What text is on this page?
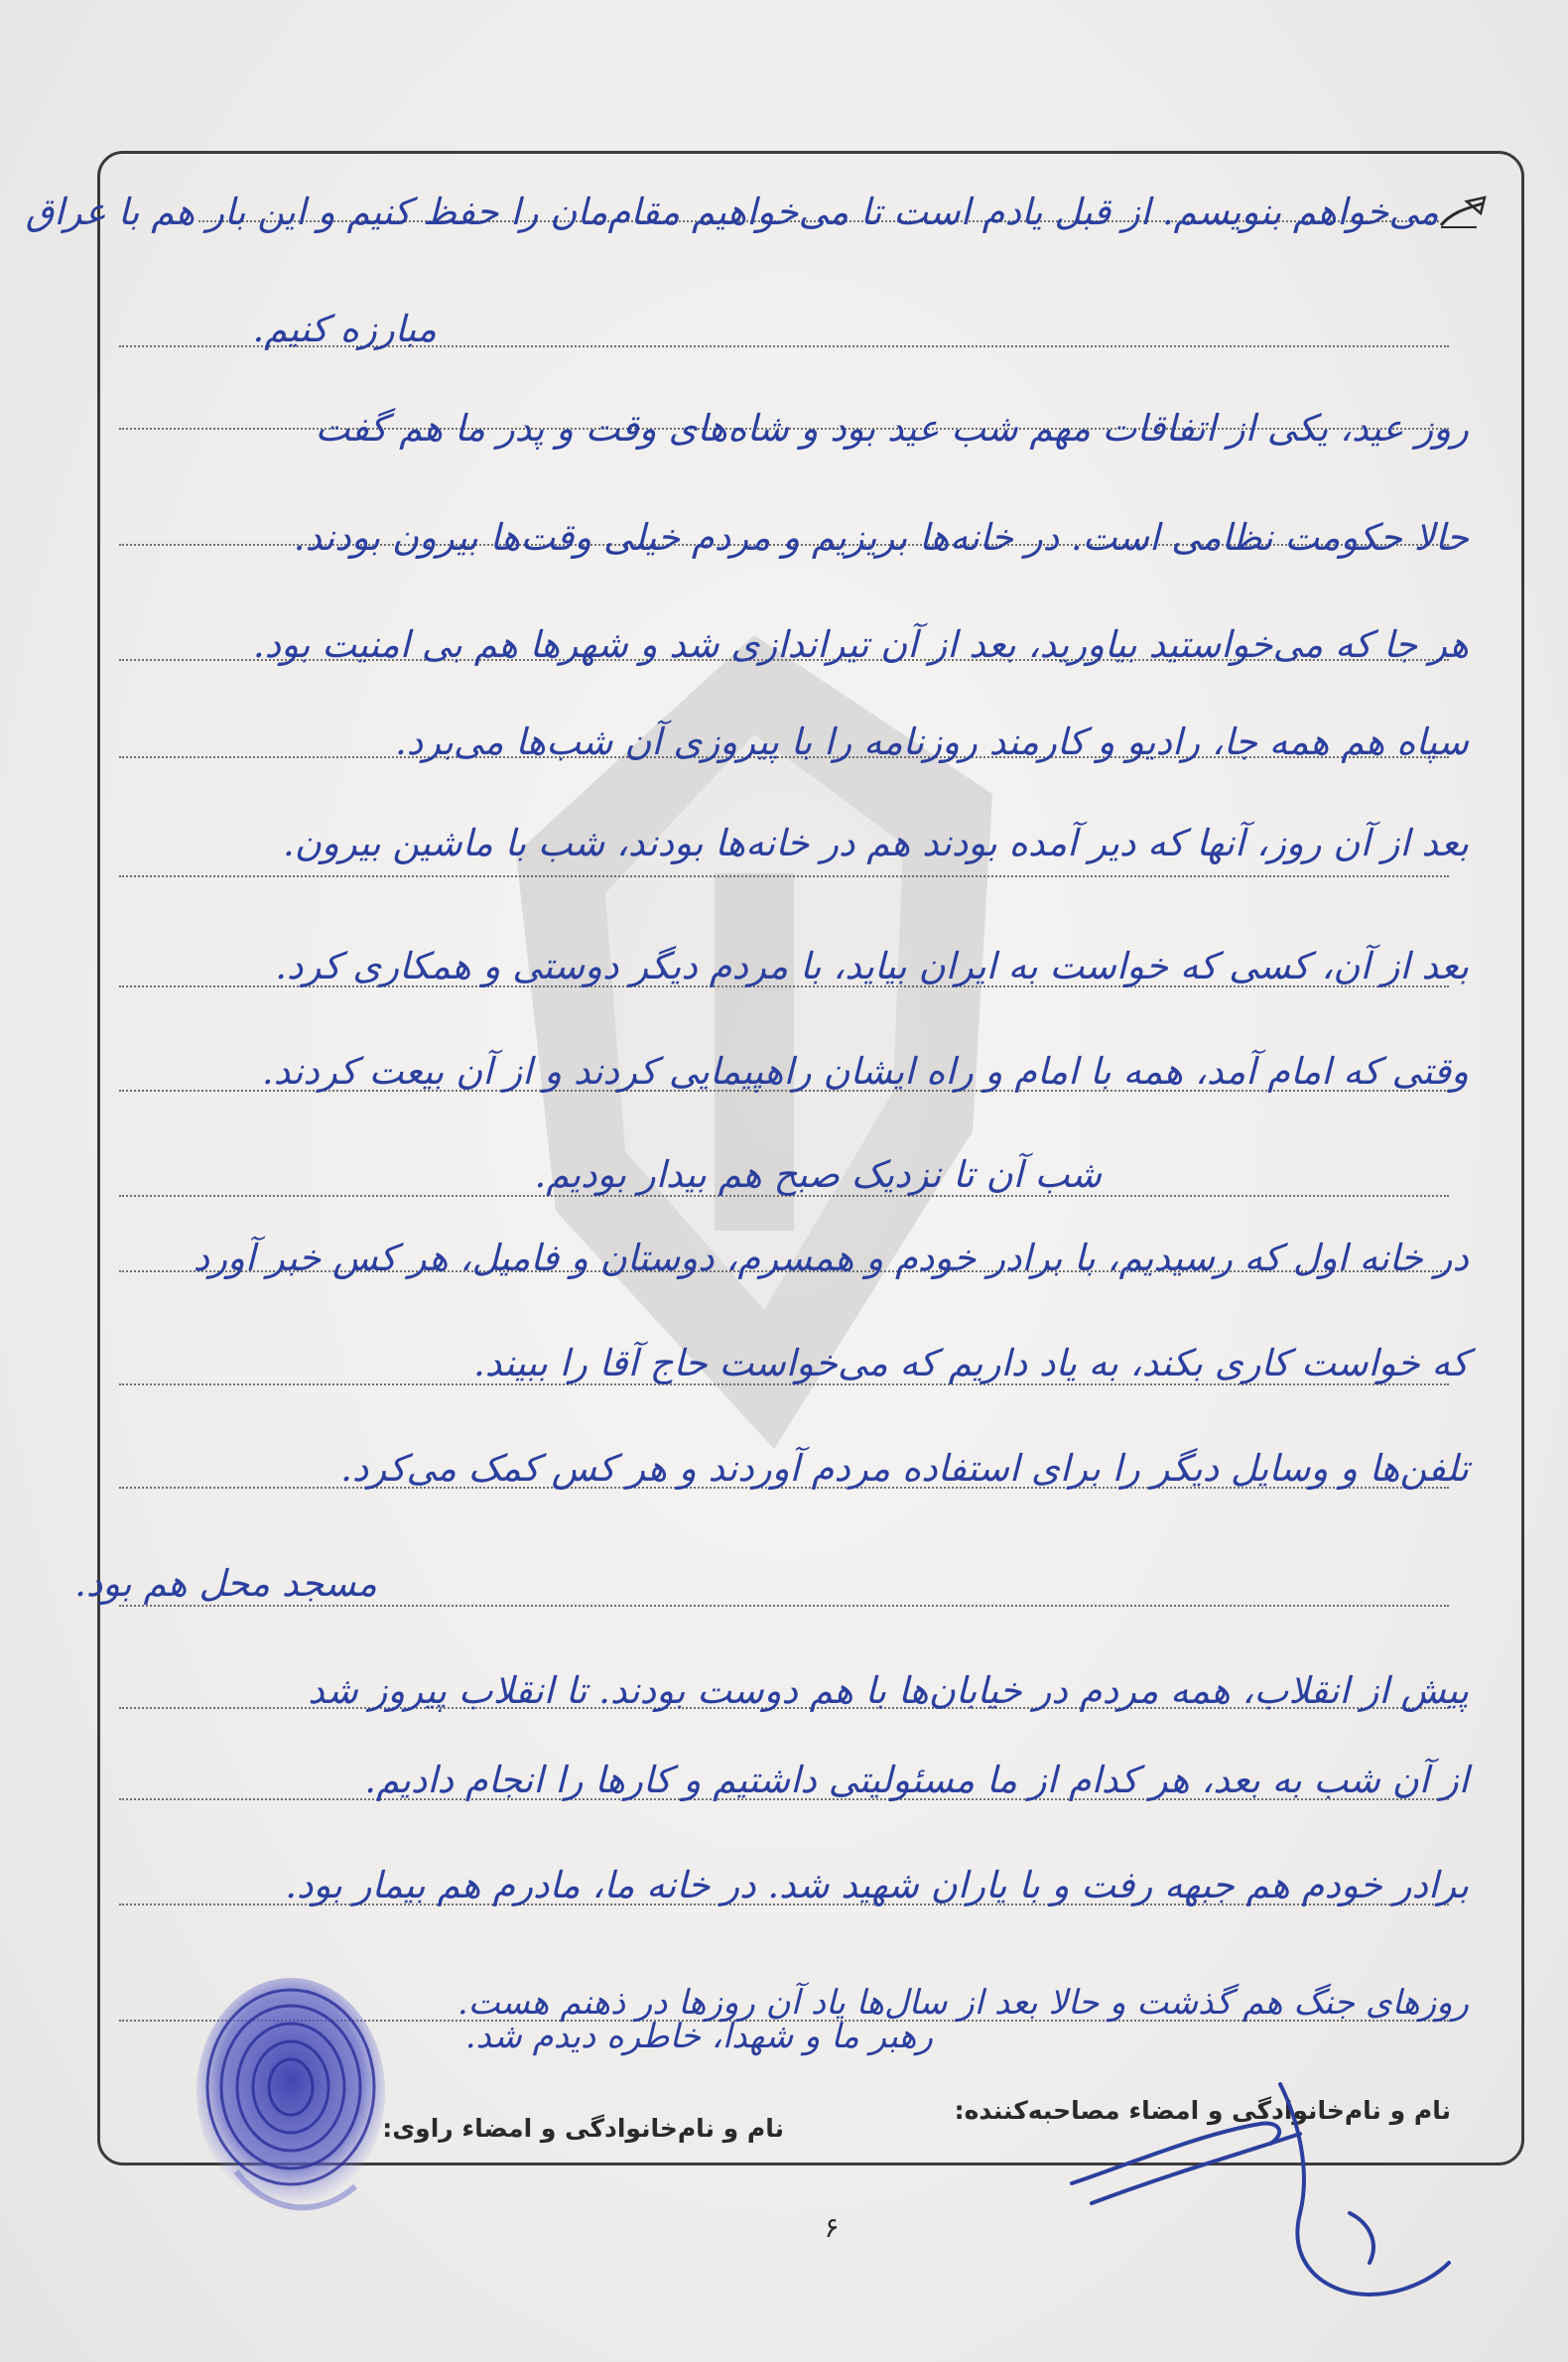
می‌خواهم بنویسم. از قبل یادم است تا می‌خواهیم مقام‌مان را حفظ کنیم و این بار هم با عراق
مبارزه کنیم.
روز عید، یکی از اتفاقات مهم شب عید بود و شاه‌های وقت و پدر ما هم گفت
حالا حکومت نظامی است. در خانه‌ها بریزیم و مردم خیلی وقت‌ها بیرون بودند.
هر جا که می‌خواستید بیاورید، بعد از آن تیراندازی شد و شهرها هم بی‌ امنیت بود.
سپاه هم همه جا، رادیو و کارمند روزنامه را با پیروزی آن شب‌ها می‌برد.
بعد از آن روز، آنها که دیر آمده بودند هم در خانه‌ها بودند، شب با ماشین بیرون.
بعد از آن، کسی که خواست به ایران بیاید، با مردم دیگر دوستی و همکاری کرد.
وقتی که امام آمد، همه با امام و راه ایشان راهپیمایی کردند و از آن بیعت کردند.
شب آن تا نزدیک صبح هم بیدار بودیم.
در خانه اول که رسیدیم، با برادر خودم و همسرم، دوستان و فامیل، هر کس خبر آورد
که خواست کاری بکند، به یاد داریم که می‌خواست حاج آقا را ببیند.
تلفن‌ها و وسایل دیگر را برای استفاده مردم آوردند و هر کس کمک می‌کرد.
مسجد محل هم بود.
پیش از انقلاب، همه مردم در خیابان‌ها با هم دوست بودند. تا انقلاب پیروز شد
از آن شب به بعد، هر کدام از ما مسئولیتی داشتیم و کارها را انجام دادیم.
برادر خودم هم جبهه رفت و با یاران شهید شد. در خانه ما، مادرم هم بیمار بود.
روزهای جنگ هم گذشت و حالا بعد از سال‌ها یاد آن روزها در ذهنم هست.
رهبر ما و شهدا، خاطره دیدم شد.
نام و نام‌خانوادگی و امضاء مصاحبه‌کننده:
نام و نام‌خانوادگی و امضاء راوی:
۶
